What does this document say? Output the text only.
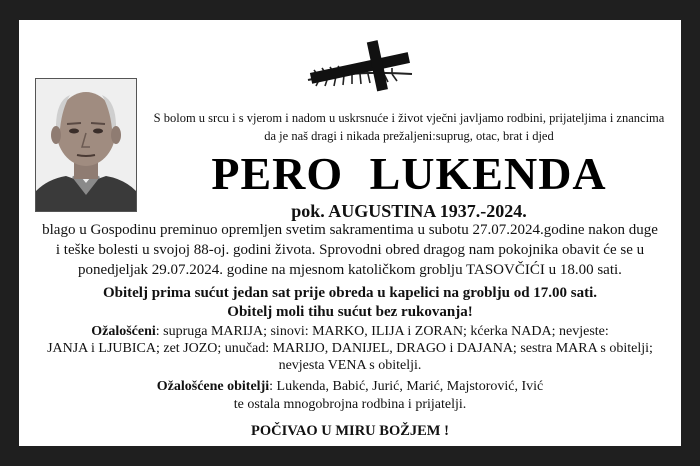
S bolom u srcu i s vjerom i nadom u uskrsnuće i život vječni javljamo rodbini, prijateljima i znancima
da je naš dragi i nikada prežaljeni:suprug, otac, brat i djed
PERO LUKENDA
pok. AUGUSTINA 1937.-2024.
blago u Gospodinu preminuo opremljen svetim sakramentima u subotu 27.07.2024.godine nakon duge
i teške bolesti u svojoj 88-oj. godini života. Sprovodni obred dragog nam pokojnika obavit će se u
ponedjeljak 29.07.2024. godine na mjesnom katoličkom groblju TASOVČIĆI u 18.00 sati.
Obitelj prima sućut jedan sat prije obreda u kapelici na groblju od 17.00 sati.
Obitelj moli tihu sućut bez rukovanja!
Ožalošćeni: supruga MARIJA; sinovi: MARKO, ILIJA i ZORAN; kćerka NADA; nevjeste:
JANJA i LJUBICA; zet JOZO; unučad: MARIJO, DANIJEL, DRAGO i DAJANA; sestra MARA s obitelji;
nevjesta VENA s obitelji.
Ožalošćene obitelji: Lukenda, Babić, Jurić, Marić, Majstorović, Ivić
te ostala mnogobrojna rodbina i prijatelji.
POČIVAO U MIRU BOŽJEM !
